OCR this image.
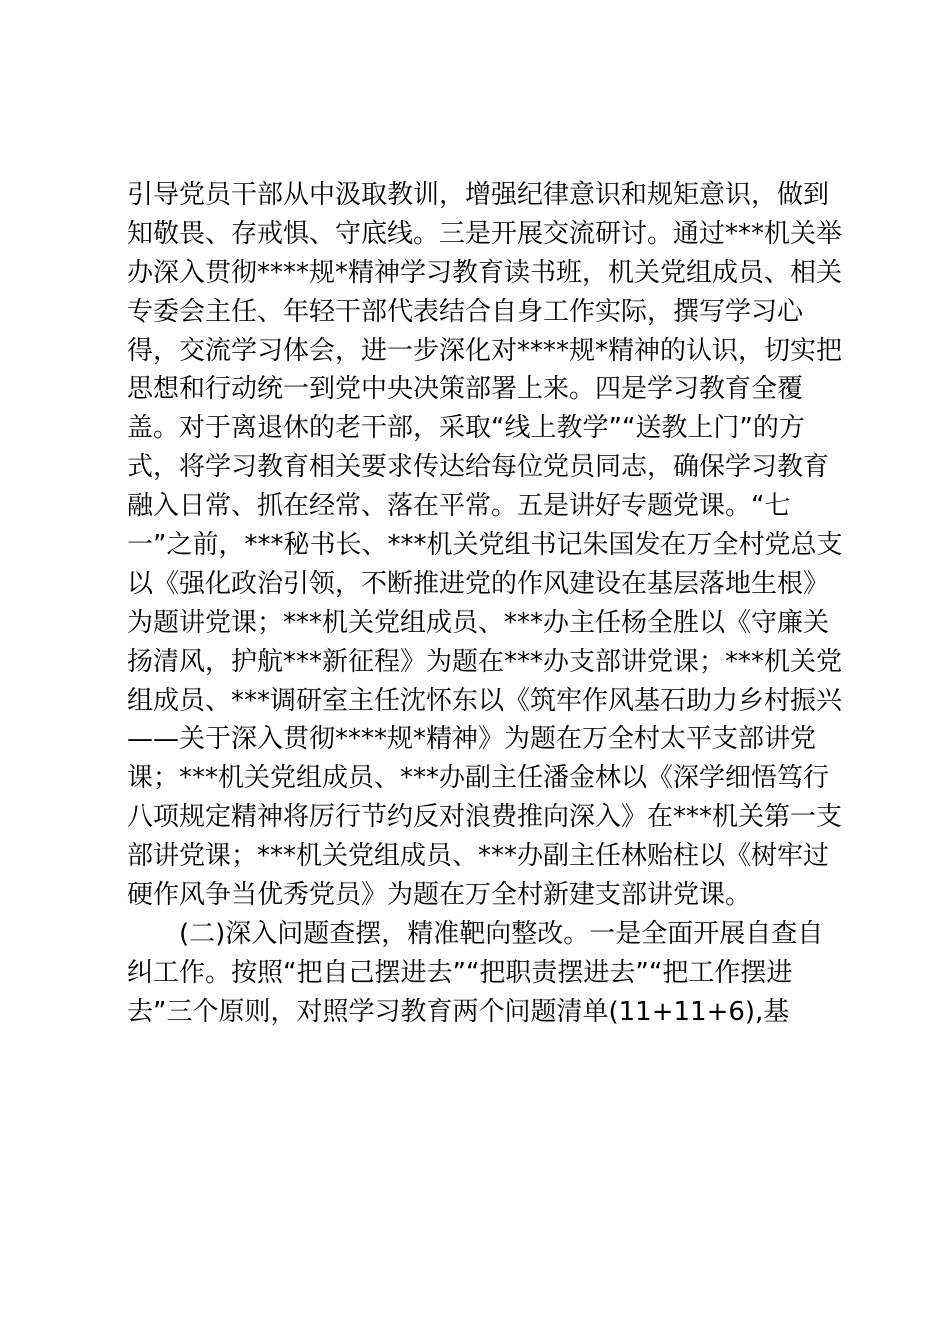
引导党员干部从中汲取教训，增强纪律意识和规矩意识，做到
知敬畏、存戒惧、守底线。三是开展交流研讨。通过***机关举
办深入贯彻****规*精神学习教育读书班，机关党组成员、相关
专委会主任、年轻干部代表结合自身工作实际，撰写学习心
得，交流学习体会，进一步深化对****规*精神的认识，切实把
思想和行动统一到党中央决策部署上来。四是学习教育全覆
盖。对于离退休的老干部，采取“线上教学”“送教上门”的方
式，将学习教育相关要求传达给每位党员同志，确保学习教育
融入日常、抓在经常、落在平常。五是讲好专题党课。“七
一”之前，***秘书长、***机关党组书记朱国发在万全村党总支
以《强化政治引领，不断推进党的作风建设在基层落地生根》
为题讲党课；***机关党组成员、***办主任杨全胜以《守廉关
扬清风，护航***新征程》为题在***办支部讲党课；***机关党
组成员、***调研室主任沈怀东以《筑牢作风基石助力乡村振兴
——关于深入贯彻****规*精神》为题在万全村太平支部讲党
课；***机关党组成员、***办副主任潘金林以《深学细悟笃行
八项规定精神将厉行节约反对浪费推向深入》在***机关第一支
部讲党课；***机关党组成员、***办副主任林贻柱以《树牢过
硬作风争当优秀党员》为题在万全村新建支部讲党课。
(二)深入问题查摆，精准靶向整改。一是全面开展自查自
纠工作。按照“把自己摆进去”“把职责摆进去”“把工作摆进
去”三个原则，对照学习教育两个问题清单(11+11+6),基
